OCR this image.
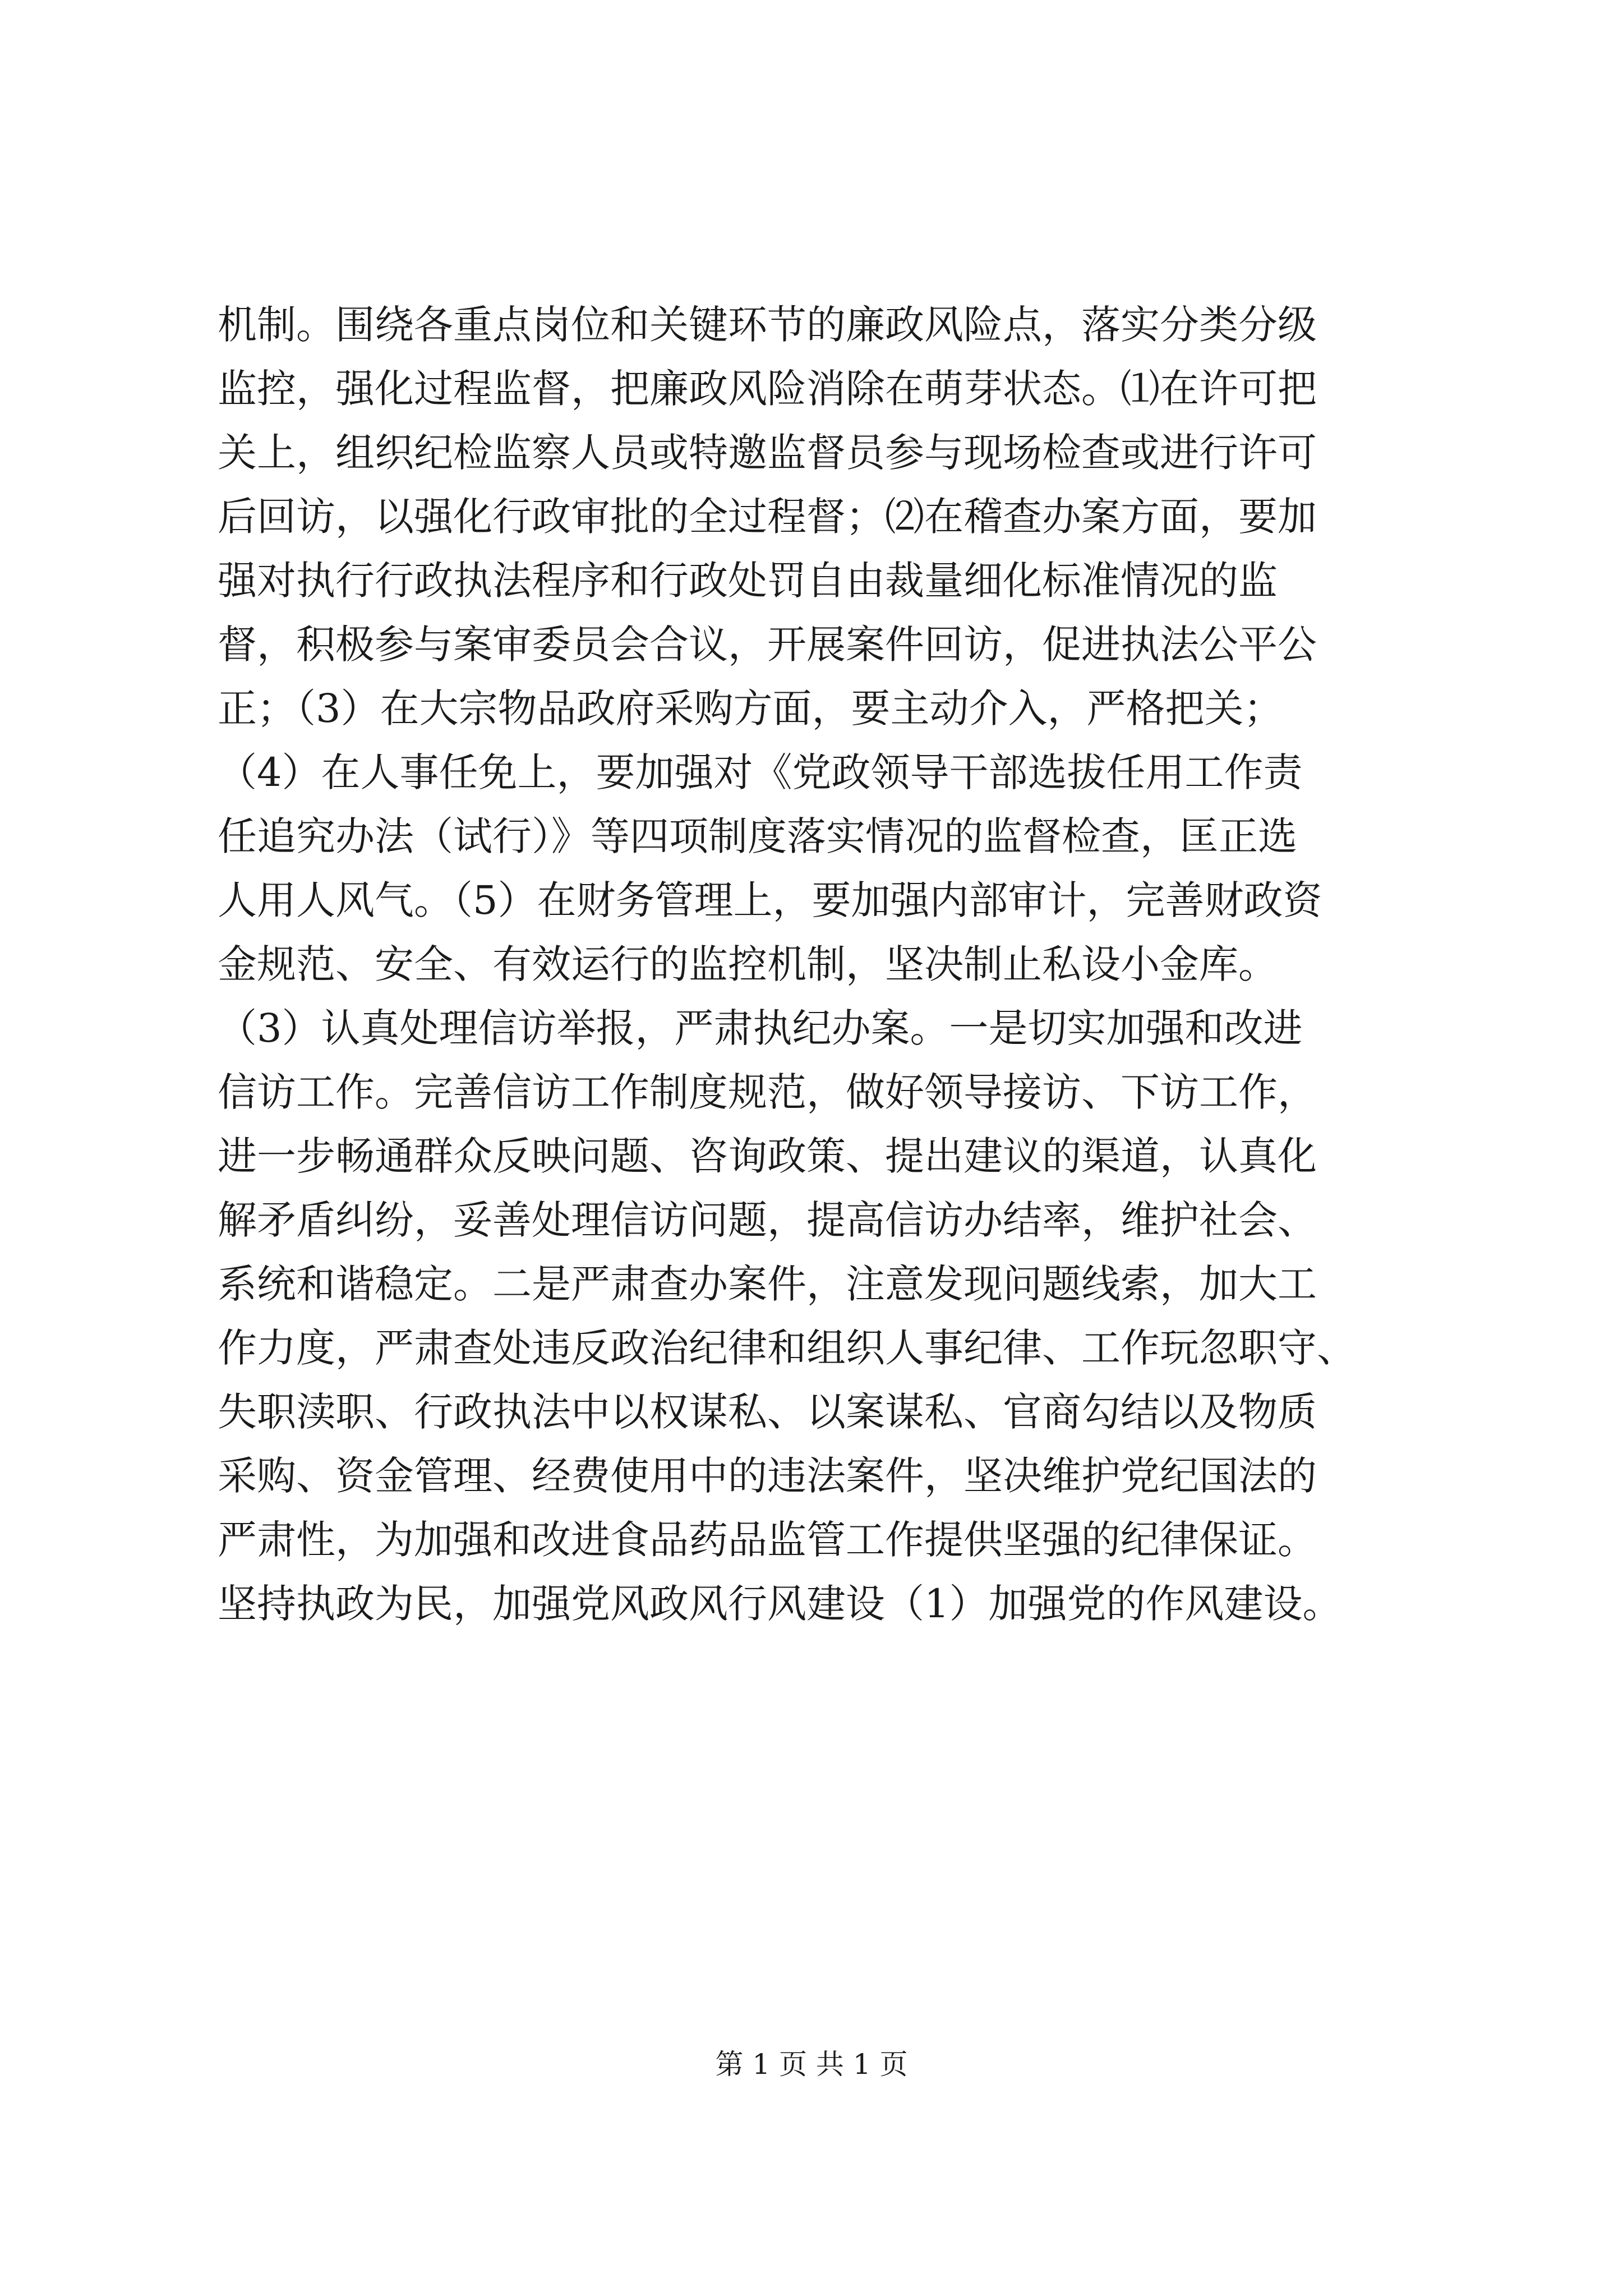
机制。围绕各重点岗位和关键环节的廉政风险点，落实分类分级
监控，强化过程监督，把廉政风险消除在萌芽状态。⑴在许可把
关上，组织纪检监察人员或特邀监督员参与现场检查或进行许可
后回访，以强化行政审批的全过程督；⑵在稽查办案方面，要加
强对执行行政执法程序和行政处罚自由裁量细化标准情况的监
督，积极参与案审委员会合议，开展案件回访，促进执法公平公
正；（3）在大宗物品政府采购方面，要主动介入，严格把关；
（4）在人事任免上，要加强对《党政领导干部选拔任用工作责
任追究办法（试行）》等四项制度落实情况的监督检查，匡正选
人用人风气。（5）在财务管理上，要加强内部审计，完善财政资
金规范、安全、有效运行的监控机制，坚决制止私设小金库。
（3）认真处理信访举报，严肃执纪办案。一是切实加强和改进
信访工作。完善信访工作制度规范，做好领导接访、下访工作，
进一步畅通群众反映问题、咨询政策、提出建议的渠道，认真化
解矛盾纠纷，妥善处理信访问题，提高信访办结率，维护社会、
系统和谐稳定。二是严肃查办案件，注意发现问题线索，加大工
作力度，严肃查处违反政治纪律和组织人事纪律、工作玩忽职守、
失职渎职、行政执法中以权谋私、以案谋私、官商勾结以及物质
采购、资金管理、经费使用中的违法案件，坚决维护党纪国法的
严肃性，为加强和改进食品药品监管工作提供坚强的纪律保证。
坚持执政为民，加强党风政风行风建设（1）加强党的作风建设。
第 1 页 共 1 页
